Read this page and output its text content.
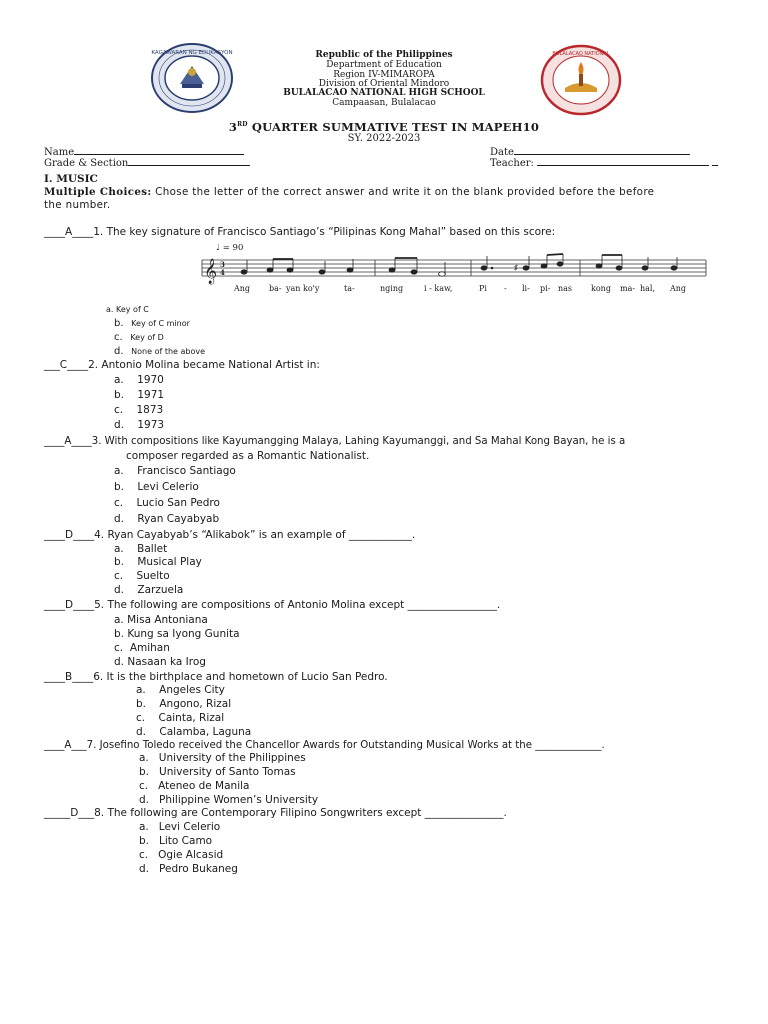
KAGAWARAN NG EDUKASYON	BULALACAO NATIONAL
Republic of the Philippines
Department of Education
Region IV-MIMAROPA
Division of Oriental Mindoro
BULALACAO NATIONAL HIGH SCHOOL
Campaasan, Bulalacao
3RD QUARTER SUMMATIVE TEST IN MAPEH10
SY. 2022-2023
Name
Grade & Section
Date
Teacher:
I. MUSIC
Multiple Choices: Chose the letter of the correct answer and write it on the blank provided before the before
the number.
____A____1. The key signature of Francisco Santiago’s “Pilipinas Kong Mahal” based on this score:
𝄞 3
4
♯
♩ = 90
Ang ba- yan ko'y	ta-	nging	i - kaw,	Pi - li- pi- nas kong ma- hal, Ang
a. Key of C
b. Key of C minor
c. Key of D
d. None of the above
___C____2. Antonio Molina became National Artist in:
a. 1970
b. 1971
c. 1873
d. 1973
____A____3. With compositions like Kayumangging Malaya, Lahing Kayumanggi, and Sa Mahal Kong Bayan, he is a
composer regarded as a Romantic Nationalist.
a. Francisco Santiago
b. Levi Celerio
c. Lucio San Pedro
d. Ryan Cayabyab
____D____4. Ryan Cayabyab’s “Alikabok” is an example of ____________.
a. Ballet
b. Musical Play
c. Suelto
d. Zarzuela
____D____5. The following are compositions of Antonio Molina except _________________.
a. Misa Antoniana
b. Kung sa Iyong Gunita
c. Amihan
d. Nasaan ka Irog
____B____6. It is the birthplace and hometown of Lucio San Pedro.
a. Angeles City
b. Angono, Rizal
c. Cainta, Rizal
d. Calamba, Laguna
____A___7. Josefino Toledo received the Chancellor Awards for Outstanding Musical Works at the _____________.
a. University of the Philippines
b. University of Santo Tomas
c. Ateneo de Manila
d. Philippine Women’s University
_____D___8. The following are Contemporary Filipino Songwriters except _______________.
a. Levi Celerio
b. Lito Camo
c. Ogie Alcasid
d. Pedro Bukaneg
